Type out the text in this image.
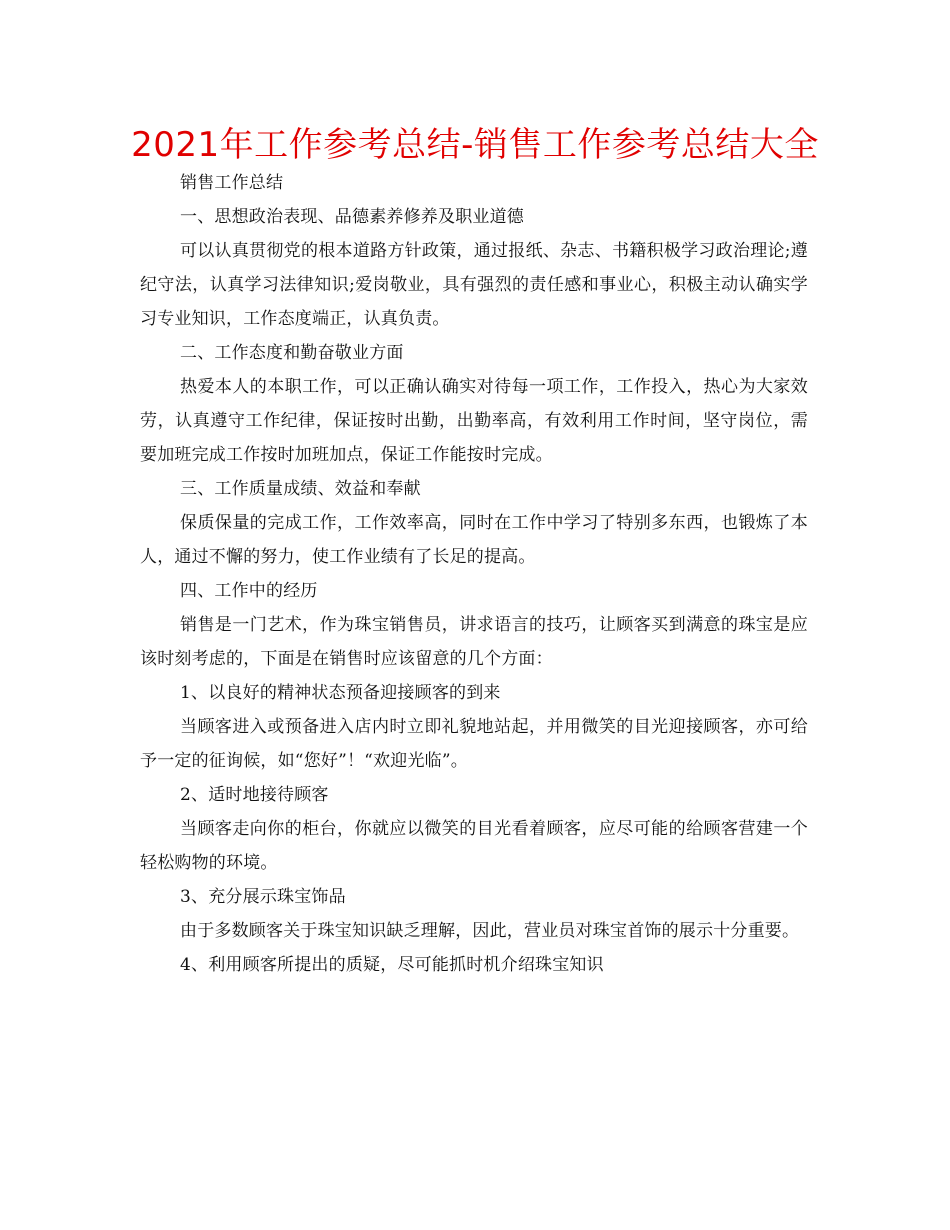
2021年工作参考总结-销售工作参考总结大全

销售工作总结

一、思想政治表现、品德素养修养及职业道德

可以认真贯彻党的根本道路方针政策，通过报纸、杂志、书籍积极学习政治理论;遵纪守法，认真学习法律知识;爱岗敬业，具有强烈的责任感和事业心，积极主动认确实学习专业知识，工作态度端正，认真负责。

二、工作态度和勤奋敬业方面

热爱本人的本职工作，可以正确认确实对待每一项工作，工作投入，热心为大家效劳，认真遵守工作纪律，保证按时出勤，出勤率高，有效利用工作时间，坚守岗位，需要加班完成工作按时加班加点，保证工作能按时完成。

三、工作质量成绩、效益和奉献

保质保量的完成工作，工作效率高，同时在工作中学习了特别多东西，也锻炼了本人，通过不懈的努力，使工作业绩有了长足的提高。

四、工作中的经历

销售是一门艺术，作为珠宝销售员，讲求语言的技巧，让顾客买到满意的珠宝是应该时刻考虑的，下面是在销售时应该留意的几个方面：

1、以良好的精神状态预备迎接顾客的到来

当顾客进入或预备进入店内时立即礼貌地站起，并用微笑的目光迎接顾客，亦可给予一定的征询候，如“您好”！“欢迎光临”。

2、适时地接待顾客

当顾客走向你的柜台，你就应以微笑的目光看着顾客，应尽可能的给顾客营建一个轻松购物的环境。

3、充分展示珠宝饰品

由于多数顾客关于珠宝知识缺乏理解，因此，营业员对珠宝首饰的展示十分重要。

4、利用顾客所提出的质疑，尽可能抓时机介绍珠宝知识
